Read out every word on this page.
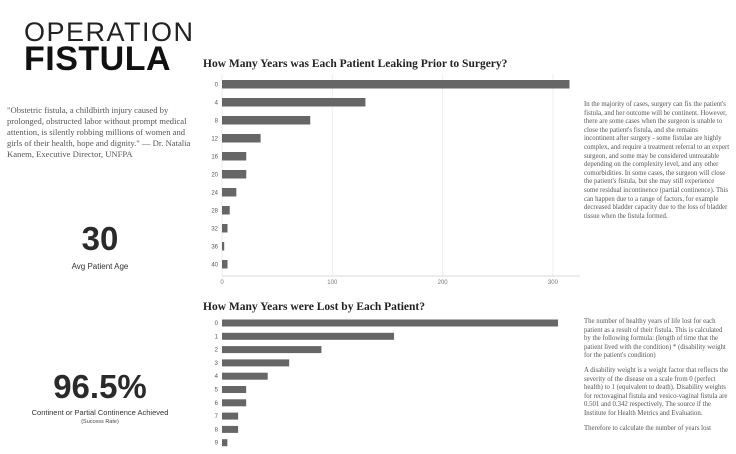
OPERATION
FISTULA
"Obstetric fistula, a childbirth injury caused by prolonged, obstructed labor without prompt medical attention, is silently robbing millions of women and girls of their health, hope and dignity." — Dr. Natalia Kanem, Executive Director, UNFPA
30
Avg Patient Age
96.5%
Continent or Partial Continence Achieved
(Success Rate)
How Many Years was Each Patient Leaking Prior to Surgery?
0	100	200	300
0
4
8
12
16
20
24
28
32
36
40
How Many Years were Lost by Each Patient?
0
1
2
3
4
5
6
7
8
9
In the majority of cases, surgery can fix the patient's fistula, and her outcome will be continent. However, there are some cases when the surgeon is unable to close the patient's fistula, and she remains incontinent after surgery - some fistulae are highly complex, and require a treatment referral to an expert surgeon, and some may be considered untreatable depending on the complexity level, and any other comorbidities. In some cases, the surgeon will close the patient's fistula, but she may still experience some residual incontinence (partial continence). This can happen due to a range of factors, for example decreased bladder capacity due to the loss of bladder tissue when the fistula formed.

The number of healthy years of life lost for each patient as a result of their fistula. This is calculated by the following formula: (length of time that the patient lived with the condition) * (disability weight for the patient's condition)

A disability weight is a weight factor that reflects the severity of the disease on a scale from 0 (perfect health) to 1 (equivalent to death). Disability weights for rectovaginal fistula and vesico-vaginal fistula are 0.501 and 0.342 respectively. The source if the Institute for Health Metrics and Evaluation.

Therefore to calculate the number of years lost
